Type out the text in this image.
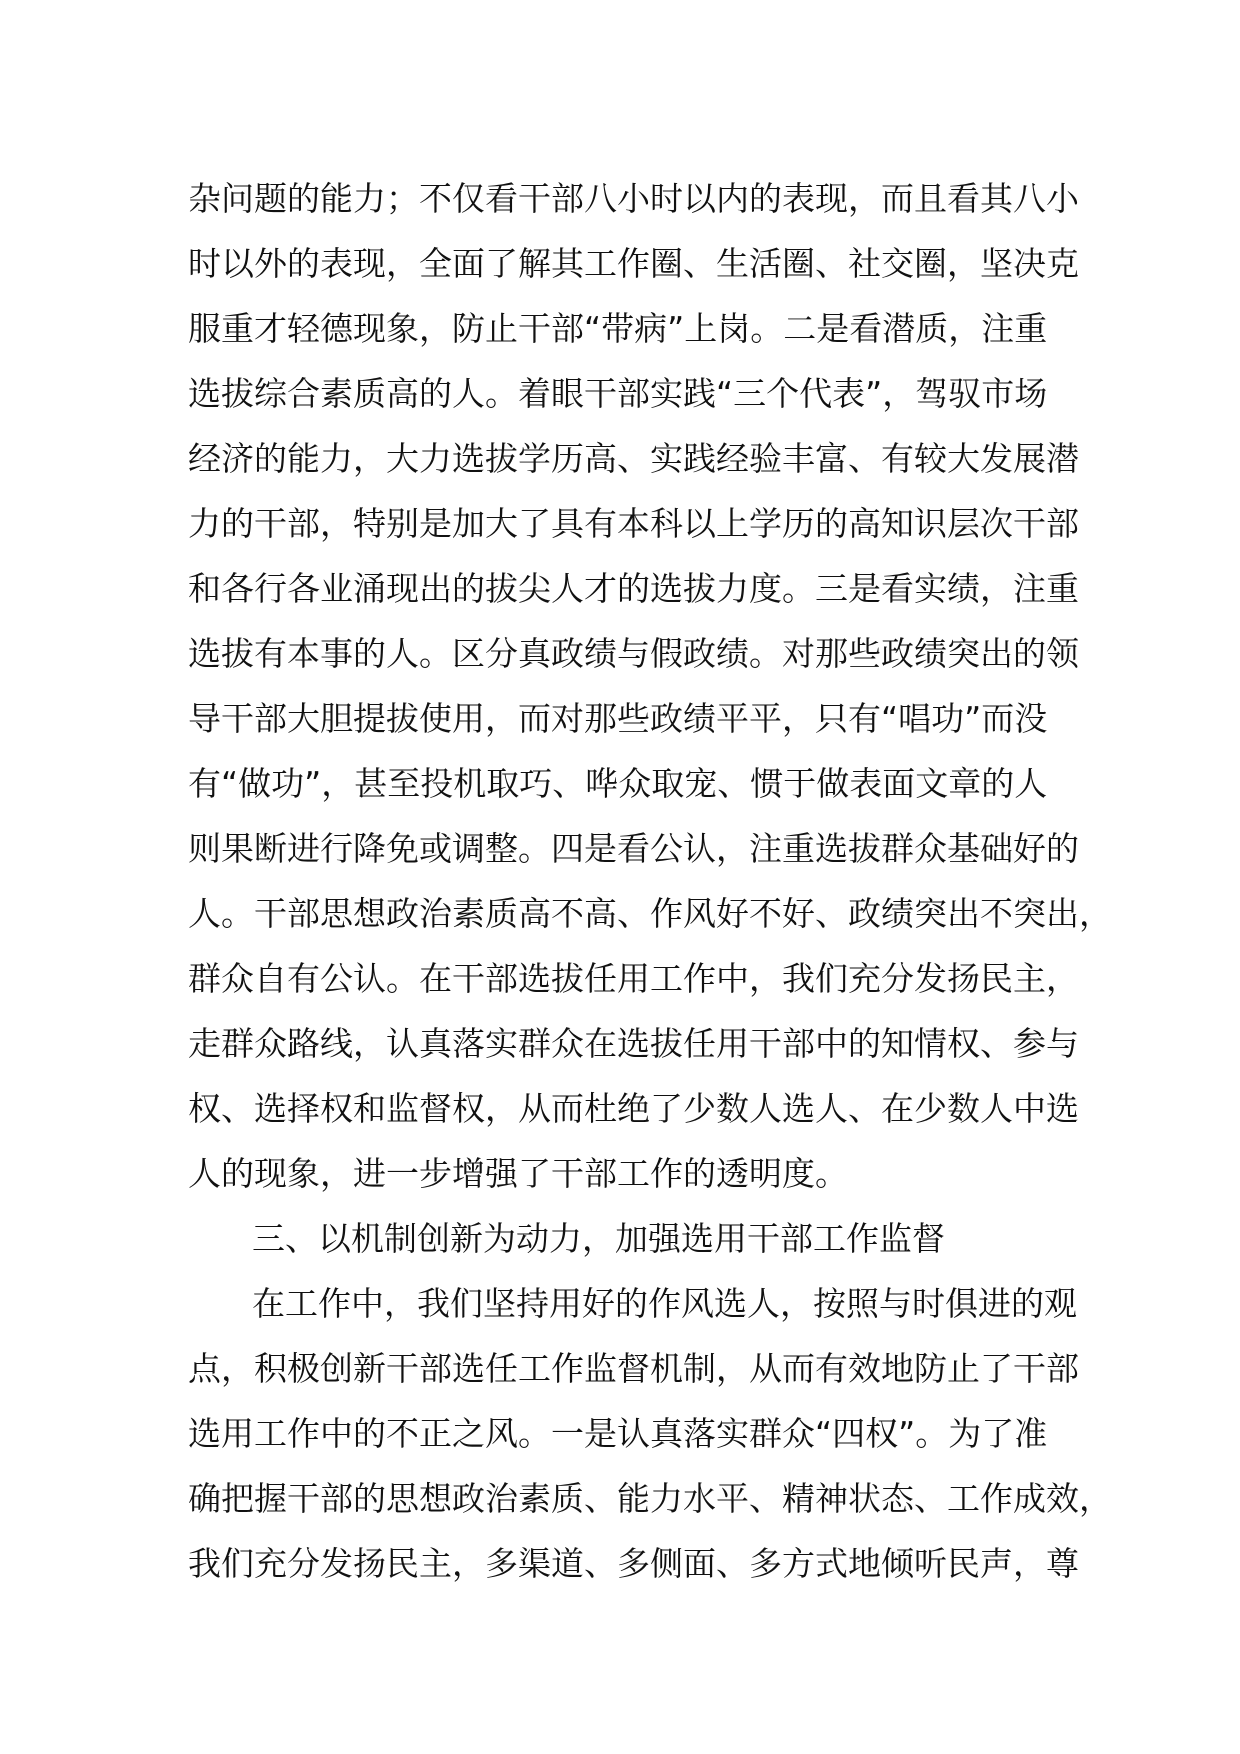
杂问题的能力；不仅看干部八小时以内的表现，而且看其八小
时以外的表现，全面了解其工作圈、生活圈、社交圈，坚决克
服重才轻德现象，防止干部“带病”上岗。二是看潜质，注重
选拔综合素质高的人。着眼干部实践“三个代表”，驾驭市场
经济的能力，大力选拔学历高、实践经验丰富、有较大发展潜
力的干部，特别是加大了具有本科以上学历的高知识层次干部
和各行各业涌现出的拔尖人才的选拔力度。三是看实绩，注重
选拔有本事的人。区分真政绩与假政绩。对那些政绩突出的领
导干部大胆提拔使用，而对那些政绩平平，只有“唱功”而没
有“做功”，甚至投机取巧、哗众取宠、惯于做表面文章的人
则果断进行降免或调整。四是看公认，注重选拔群众基础好的
人。干部思想政治素质高不高、作风好不好、政绩突出不突出，
群众自有公认。在干部选拔任用工作中，我们充分发扬民主，
走群众路线，认真落实群众在选拔任用干部中的知情权、参与
权、选择权和监督权，从而杜绝了少数人选人、在少数人中选
人的现象，进一步增强了干部工作的透明度。
三、以机制创新为动力，加强选用干部工作监督
在工作中，我们坚持用好的作风选人，按照与时俱进的观
点，积极创新干部选任工作监督机制，从而有效地防止了干部
选用工作中的不正之风。一是认真落实群众“四权”。为了准
确把握干部的思想政治素质、能力水平、精神状态、工作成效，
我们充分发扬民主，多渠道、多侧面、多方式地倾听民声，尊
